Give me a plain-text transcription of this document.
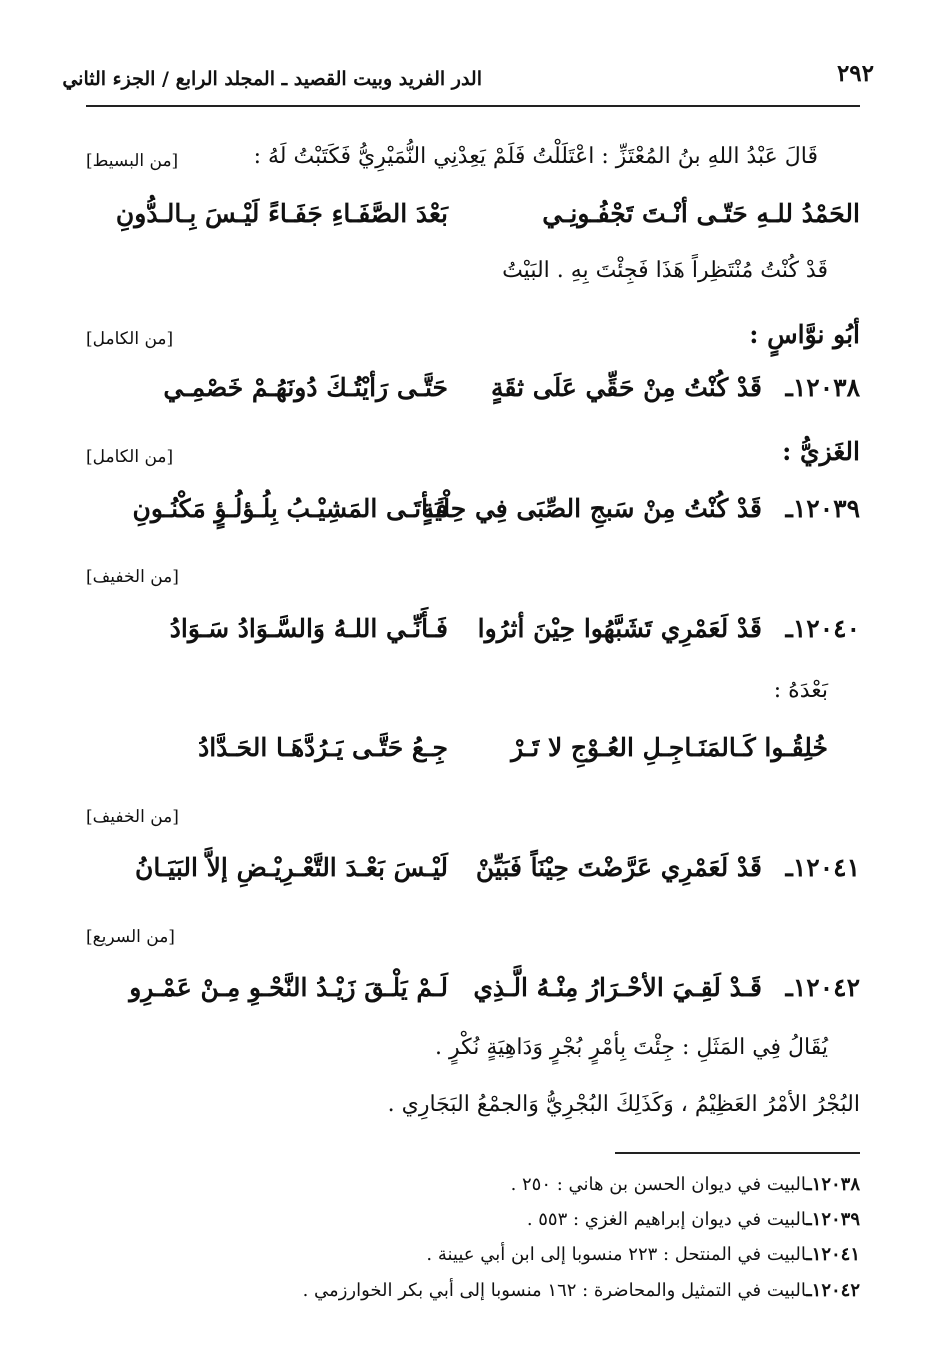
الدر الفريد وبيت القصيد ـ المجلد الرابع / الجزء الثاني	٢٩٢
قَالَ عَبْدُ اللهِ بنُ المُعْتَزِّ : اعْتَلَلْتُ فَلَمْ يَعِدْنِي النُّمَيْرِيُّ فَكَتَبْتُ لَهُ :
[من البسيط]
الحَمْدُ للـهِ حَتّـى أنْـتَ تَجْفُـونِـي
بَعْدَ الصَّفَـاءِ جَفَـاءً لَيْـسَ بِـالـدُّونِ
قَدْ كُنْتُ مُنْتَظِراً هَذَا فَجِئْتَ بِهِ . البَيْتُ
أبُو نوَّاسٍ :
[من الكامل]
١٢٠٣٨ـ
قَدْ كُنْتُ مِنْ حَقِّي عَلَى ثقَةٍ
حَتَّـى رَأيْتُـكَ دُونَهُـمْ خَصْمِـي
الغَزيُّ :
[من الكامل]
١٢٠٣٩ـ
قَدْ كُنْتُ مِنْ سَبجِ الصِّبَى فِي حِلْيَةٍ
فَـأتَـى المَشِيْـبُ بِلُـؤلُـؤٍ مَكْنُـونِ
[من الخفيف]
١٢٠٤٠ـ
قَدْ لَعَمْرِي تَشَبَّهُوا حِيْنَ أثرُوا
فَـأَنِّـي اللـهُ وَالسَّـوَادُ سَـوَادُ
بَعْدَهُ :
خُلِقُـوا كَـالمَنَـاجِـلِ العُـوْجِ لا تَـرْ
جِـعُ حَتَّـى يَـرُدَّهَـا الحَـدَّادُ
[من الخفيف]
١٢٠٤١ـ
قَدْ لَعَمْرِي عَرَّضْتَ حِيْنَاً فَبَيِّنْ
لَيْـسَ بَعْـدَ التَّعْـرِيْـضِ إلاَّ البَيَـانُ
[من السريع]
١٢٠٤٢ـ
قَـدْ لَقِـيَ الأحْـرَارُ مِنْـهُ الَّـذِي
لَـمْ يَلْـقَ زَيْـدُ النَّحْـوِ مِـنْ عَمْـرِو
يُقَالُ فِي المَثَلِ : جِئْتَ بِأمْرٍ بُجْرٍ وَدَاهِيَةٍ نُكْرٍ .
البُجْرُ الأمْرُ العَظِيْمُ ، وَكَذَلِكَ البُجْرِيُّ وَالجمْعُ البَجَارِي .
١٢٠٣٨ـالبيت في ديوان الحسن بن هاني : ٢٥٠ .
١٢٠٣٩ـالبيت في ديوان إبراهيم الغزي : ٥٥٣ .
١٢٠٤١ـالبيت في المنتحل : ٢٢٣ منسوبا إلى ابن أبي عيينة .
١٢٠٤٢ـالبيت في التمثيل والمحاضرة : ١٦٢ منسوبا إلى أبي بكر الخوارزمي .
